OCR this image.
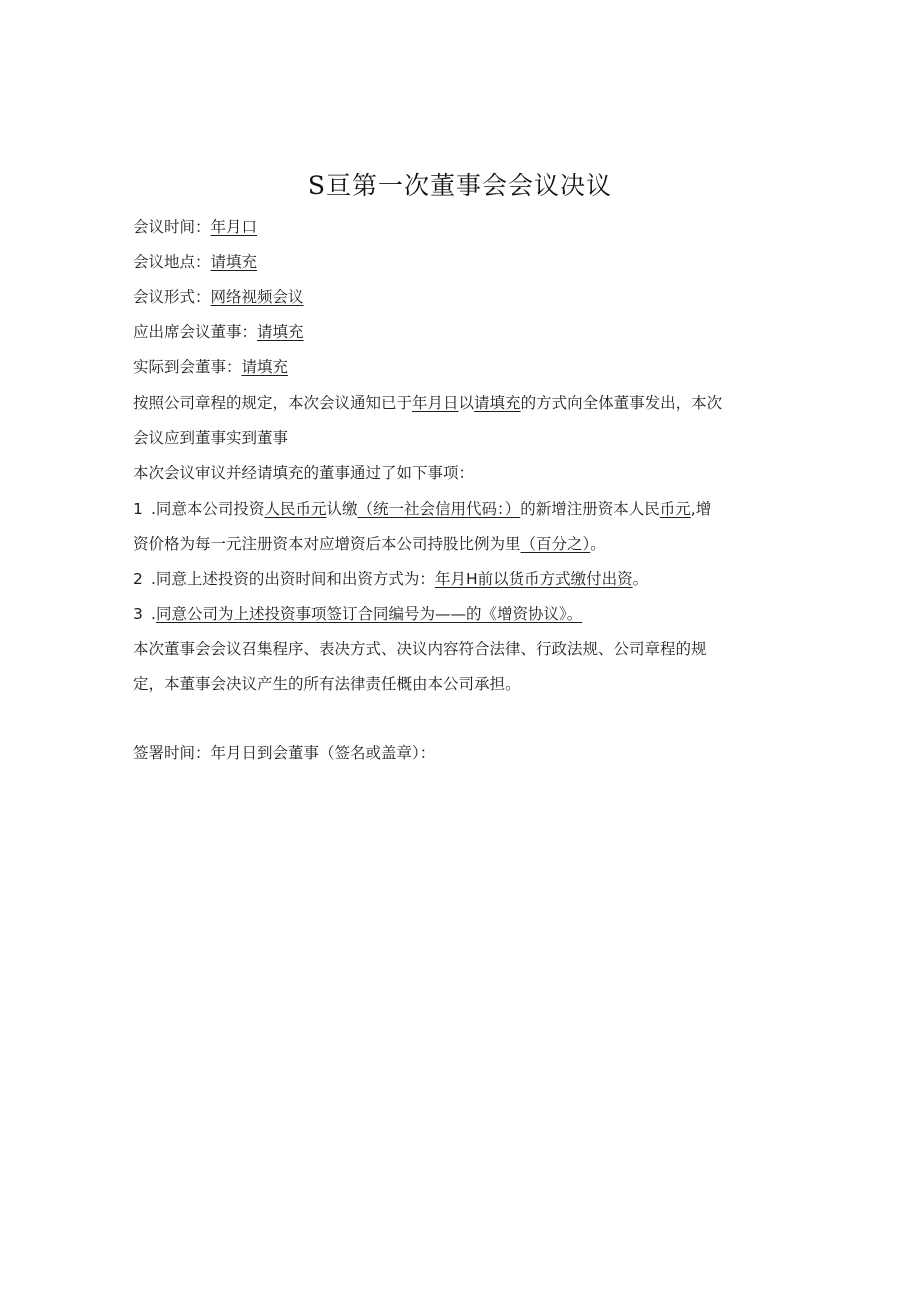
S亘第一次董事会会议决议
会议时间：年月口
会议地点：请填充
会议形式：网络视频会议
应出席会议董事：请填充
实际到会董事：请填充
按照公司章程的规定，本次会议通知已于年月日以请填充的方式向全体董事发出，本次
会议应到董事实到董事
本次会议审议并经请填充的董事通过了如下事项：
1 .同意本公司投资人民币元认缴（统一社会信用代码：）的新增注册资本人民币元,增
资价格为每一元注册资本对应增资后本公司持股比例为里（百分之）。
2 .同意上述投资的出资时间和出资方式为：年月H前以货币方式缴付出资。
3 .同意公司为上述投资事项签订合同编号为——的《增资协议》。
本次董事会会议召集程序、表决方式、决议内容符合法律、行政法规、公司章程的规
定，本董事会决议产生的所有法律责任概由本公司承担。
签署时间：年月日到会董事（签名或盖章）：
